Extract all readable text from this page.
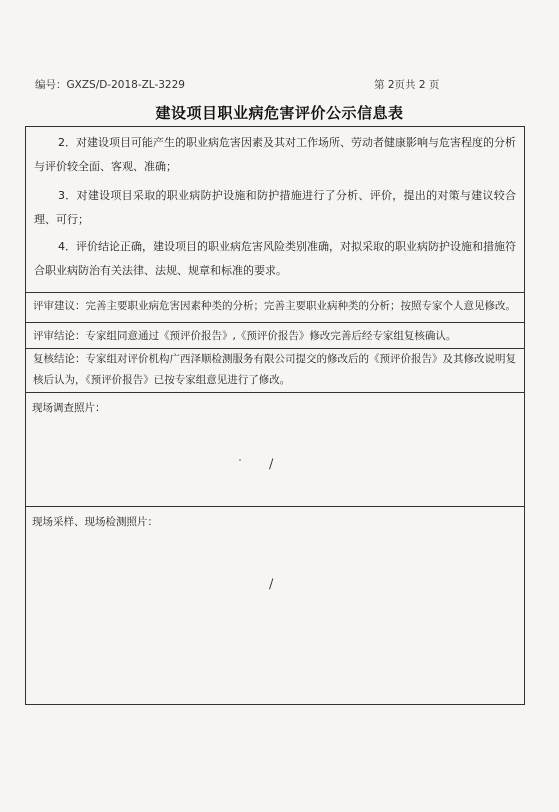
编号：GXZS/D-2018-ZL-3229	第 2页共 2 页
建设项目职业病危害评价公示信息表
2．对建设项目可能产生的职业病危害因素及其对工作场所、劳动者健康影响与危害程度的分析与评价较全面、客观、准确；
3．对建设项目采取的职业病防护设施和防护措施进行了分析、评价，提出的对策与建议较合理、可行；
4．评价结论正确，建设项目的职业病危害风险类别准确，对拟采取的职业病防护设施和措施符合职业病防治有关法律、法规、规章和标准的要求。
评审建议：完善主要职业病危害因素种类的分析；完善主要职业病种类的分析；按照专家个人意见修改。
评审结论：专家组同意通过《预评价报告》,《预评价报告》修改完善后经专家组复核确认。
复核结论：专家组对评价机构广西泽顺检测服务有限公司提交的修改后的《预评价报告》及其修改说明复核后认为，《预评价报告》已按专家组意见进行了修改。
现场调查照片：
/
现场采样、现场检测照片：
/
